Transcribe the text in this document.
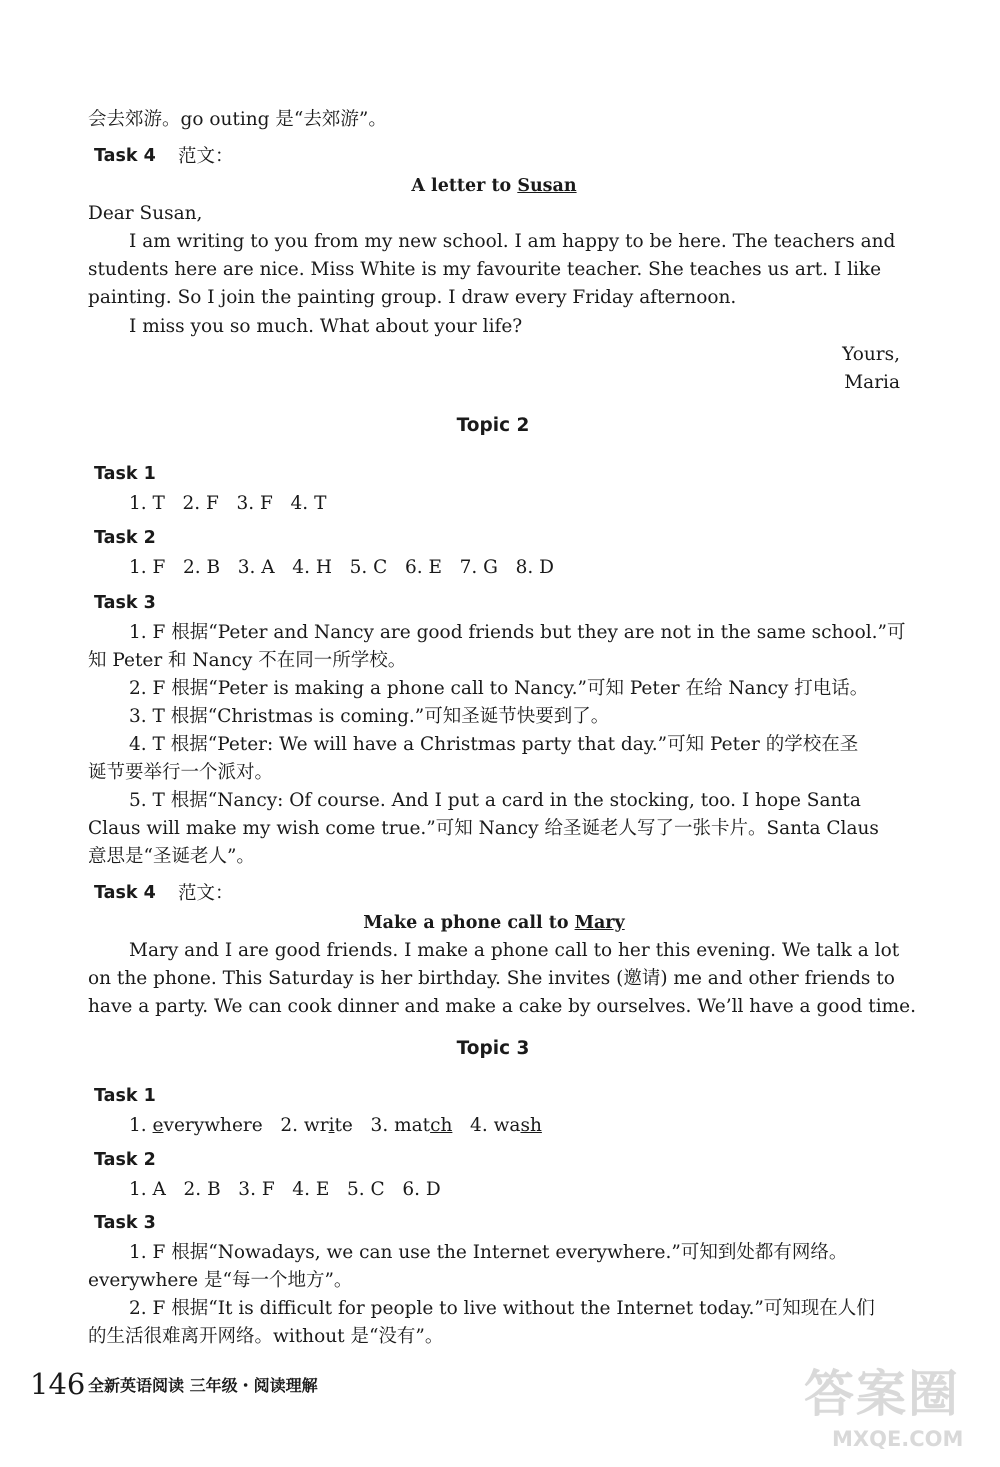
会去郊游。go outing 是“去郊游”。
Task 4 范文：
A letter to Susan
Dear Susan,
I am writing to you from my new school. I am happy to be here. The teachers and
students here are nice. Miss White is my favourite teacher. She teaches us art. I like
painting. So I join the painting group. I draw every Friday afternoon.
I miss you so much. What about your life?
Yours,
Maria
Topic 2
Task 1
1. T   2. F   3. F   4. T
Task 2
1. F   2. B   3. A   4. H   5. C   6. E   7. G   8. D
Task 3
1. F 根据“Peter and Nancy are good friends but they are not in the same school.”可
知 Peter 和 Nancy 不在同一所学校。
2. F 根据“Peter is making a phone call to Nancy.”可知 Peter 在给 Nancy 打电话。
3. T 根据“Christmas is coming.”可知圣诞节快要到了。
4. T 根据“Peter: We will have a Christmas party that day.”可知 Peter 的学校在圣
诞节要举行一个派对。
5. T 根据“Nancy: Of course. And I put a card in the stocking, too. I hope Santa
Claus will make my wish come true.”可知 Nancy 给圣诞老人写了一张卡片。Santa Claus
意思是“圣诞老人”。
Task 4 范文：
Make a phone call to Mary
Mary and I are good friends. I make a phone call to her this evening. We talk a lot
on the phone. This Saturday is her birthday. She invites (邀请) me and other friends to
have a party. We can cook dinner and make a cake by ourselves. We’ll have a good time.
Topic 3
Task 1
1. everywhere 2. write 3. match 4. wash
Task 2
1. A   2. B   3. F   4. E   5. C   6. D
Task 3
1. F 根据“Nowadays, we can use the Internet everywhere.”可知到处都有网络。
everywhere 是“每一个地方”。
2. F 根据“It is difficult for people to live without the Internet today.”可知现在人们
的生活很难离开网络。without 是“没有”。
146 全新英语阅读 三年级・阅读理解	答案圈
MXQE.COM
